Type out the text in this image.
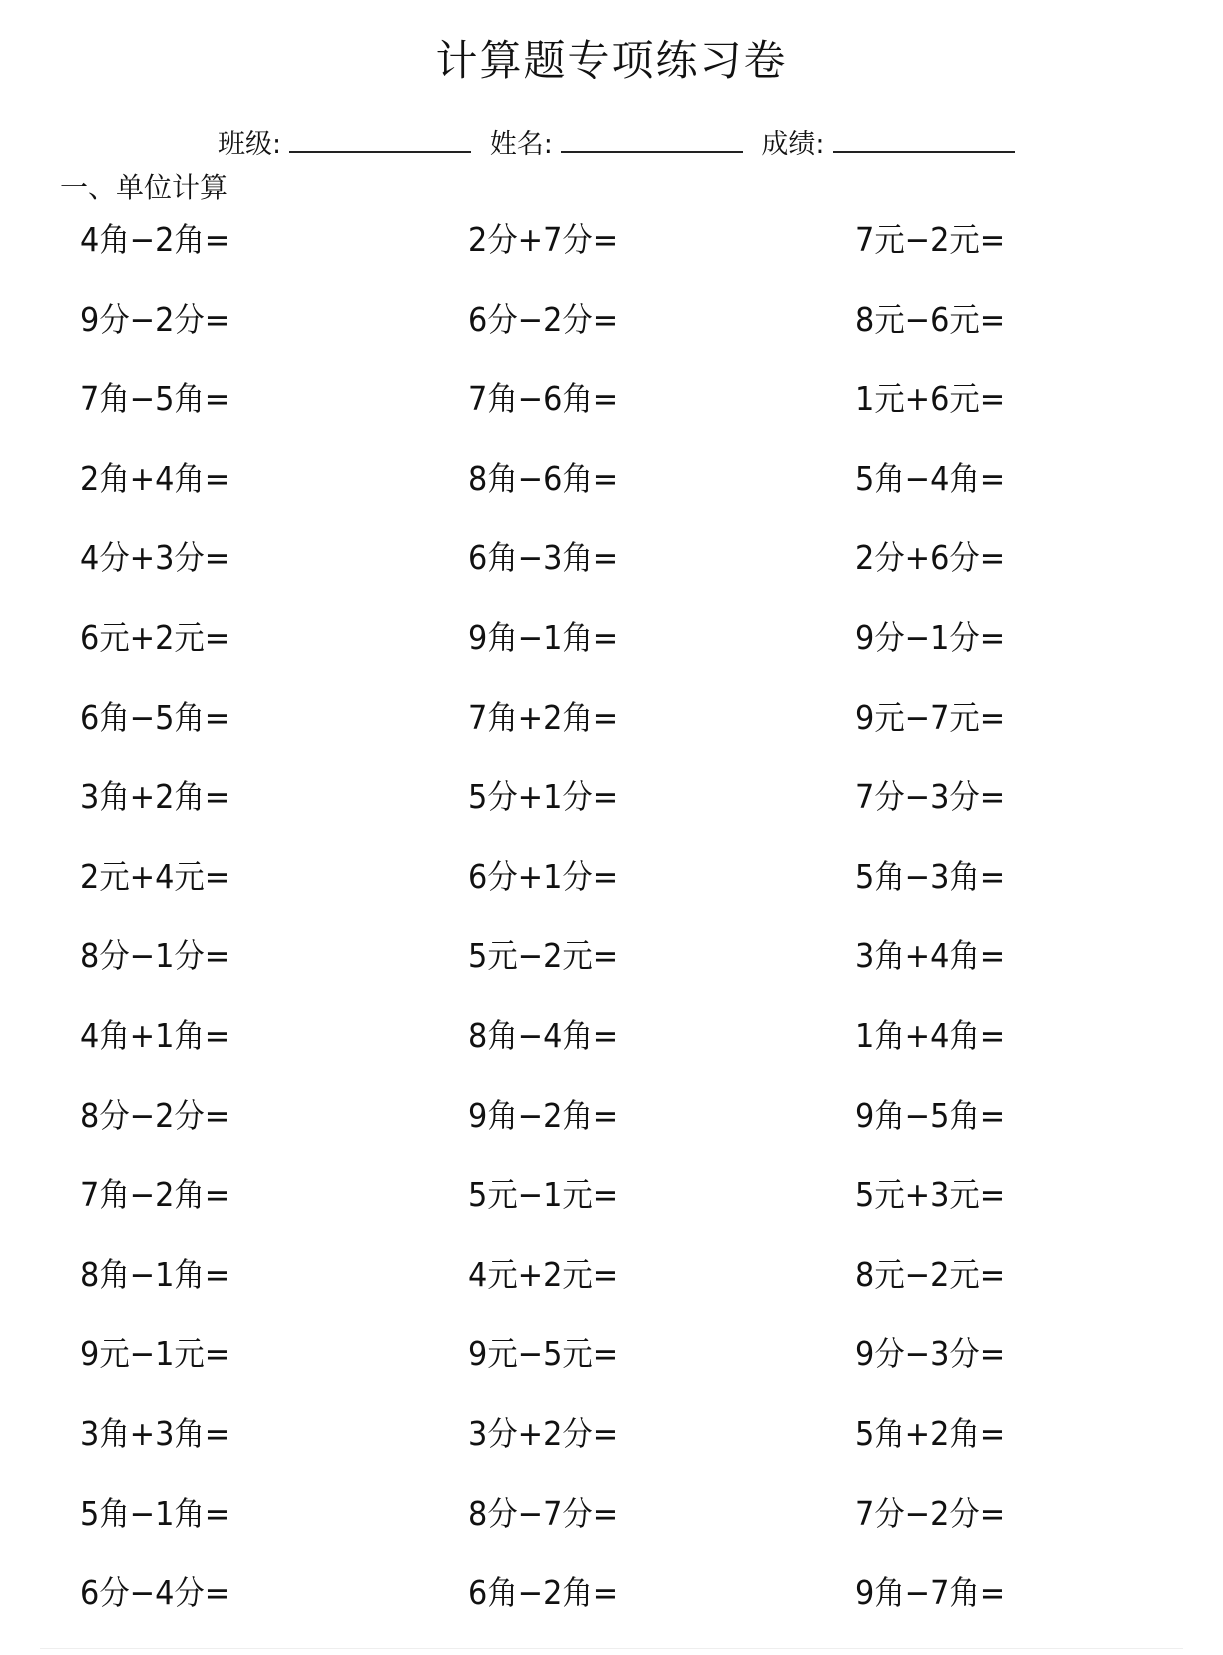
计算题专项练习卷
班级:	姓名:	成绩:
一、单位计算
4角−2角=	2分+7分=	7元−2元=
9分−2分=	6分−2分=	8元−6元=
7角−5角=	7角−6角=	1元+6元=
2角+4角=	8角−6角=	5角−4角=
4分+3分=	6角−3角=	2分+6分=
6元+2元=	9角−1角=	9分−1分=
6角−5角=	7角+2角=	9元−7元=
3角+2角=	5分+1分=	7分−3分=
2元+4元=	6分+1分=	5角−3角=
8分−1分=	5元−2元=	3角+4角=
4角+1角=	8角−4角=	1角+4角=
8分−2分=	9角−2角=	9角−5角=
7角−2角=	5元−1元=	5元+3元=
8角−1角=	4元+2元=	8元−2元=
9元−1元=	9元−5元=	9分−3分=
3角+3角=	3分+2分=	5角+2角=
5角−1角=	8分−7分=	7分−2分=
6分−4分=	6角−2角=	9角−7角=
